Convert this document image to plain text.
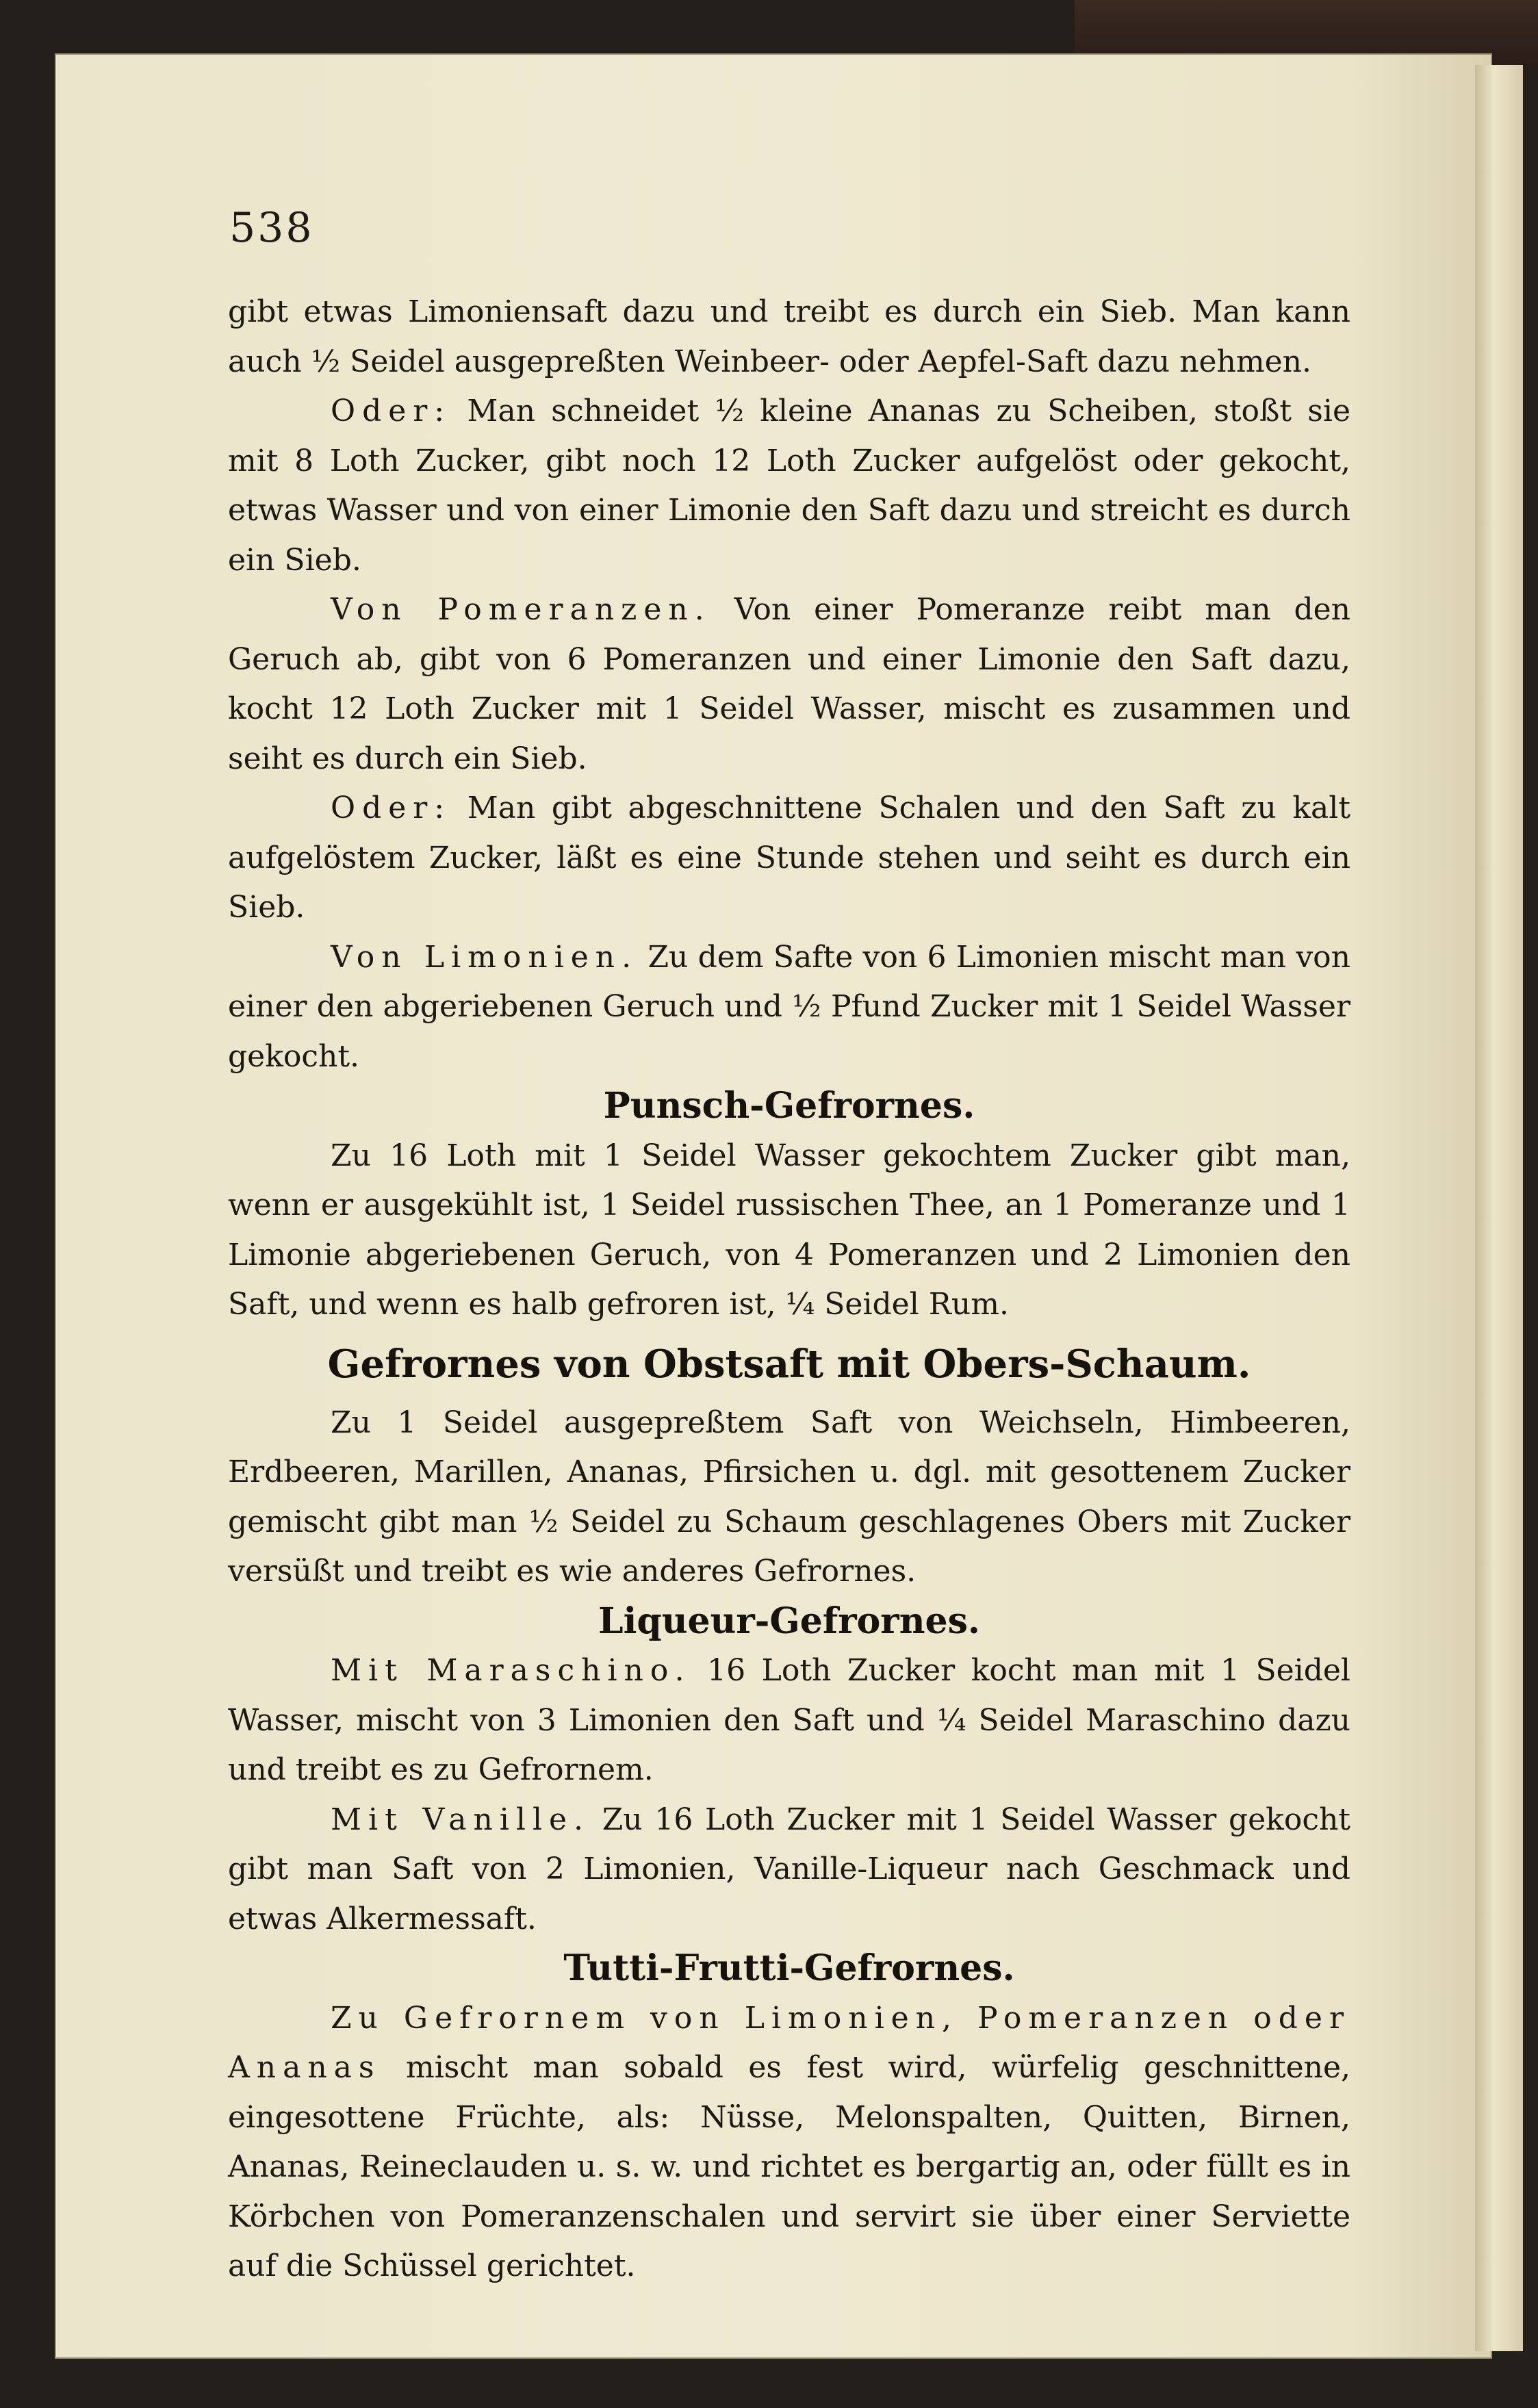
538

gibt etwas Limoniensaft dazu und treibt es durch ein Sieb. Man kann auch ½ Seidel ausgepreßten Weinbeer- oder Aepfel-Saft dazu nehmen.

Oder: Man schneidet ½ kleine Ananas zu Scheiben, stoßt sie mit 8 Loth Zucker, gibt noch 12 Loth Zucker aufgelöst oder gekocht, etwas Wasser und von einer Limonie den Saft dazu und streicht es durch ein Sieb.

Von Pomeranzen. Von einer Pomeranze reibt man den Geruch ab, gibt von 6 Pomeranzen und einer Limonie den Saft dazu, kocht 12 Loth Zucker mit 1 Seidel Wasser, mischt es zusammen und seiht es durch ein Sieb.

Oder: Man gibt abgeschnittene Schalen und den Saft zu kalt aufgelöstem Zucker, läßt es eine Stunde stehen und seiht es durch ein Sieb.

Von Limonien. Zu dem Safte von 6 Limonien mischt man von einer den abgeriebenen Geruch und ½ Pfund Zucker mit 1 Seidel Wasser gekocht.

Punsch-Gefrornes.

Zu 16 Loth mit 1 Seidel Wasser gekochtem Zucker gibt man, wenn er ausgekühlt ist, 1 Seidel russischen Thee, an 1 Pomeranze und 1 Limonie abgeriebenen Geruch, von 4 Pomeranzen und 2 Limonien den Saft, und wenn es halb gefroren ist, ¼ Seidel Rum.

Gefrornes von Obstsaft mit Obers-Schaum.

Zu 1 Seidel ausgepreßtem Saft von Weichseln, Himbeeren, Erdbeeren, Marillen, Ananas, Pfirsichen u. dgl. mit gesottenem Zucker gemischt gibt man ½ Seidel zu Schaum geschlagenes Obers mit Zucker versüßt und treibt es wie anderes Gefrornes.

Liqueur-Gefrornes.

Mit Maraschino. 16 Loth Zucker kocht man mit 1 Seidel Wasser, mischt von 3 Limonien den Saft und ¼ Seidel Maraschino dazu und treibt es zu Gefrornem.

Mit Vanille. Zu 16 Loth Zucker mit 1 Seidel Wasser gekocht gibt man Saft von 2 Limonien, Vanille-Liqueur nach Geschmack und etwas Alkermessaft.

Tutti-Frutti-Gefrornes.

Zu Gefrornem von Limonien, Pomeranzen oder Ananas mischt man sobald es fest wird, würfelig geschnittene, eingesottene Früchte, als: Nüsse, Melonspalten, Quitten, Birnen, Ananas, Reineclauden u. s. w. und richtet es bergartig an, oder füllt es in Körbchen von Pomeranzenschalen und servirt sie über einer Serviette auf die Schüssel gerichtet.
